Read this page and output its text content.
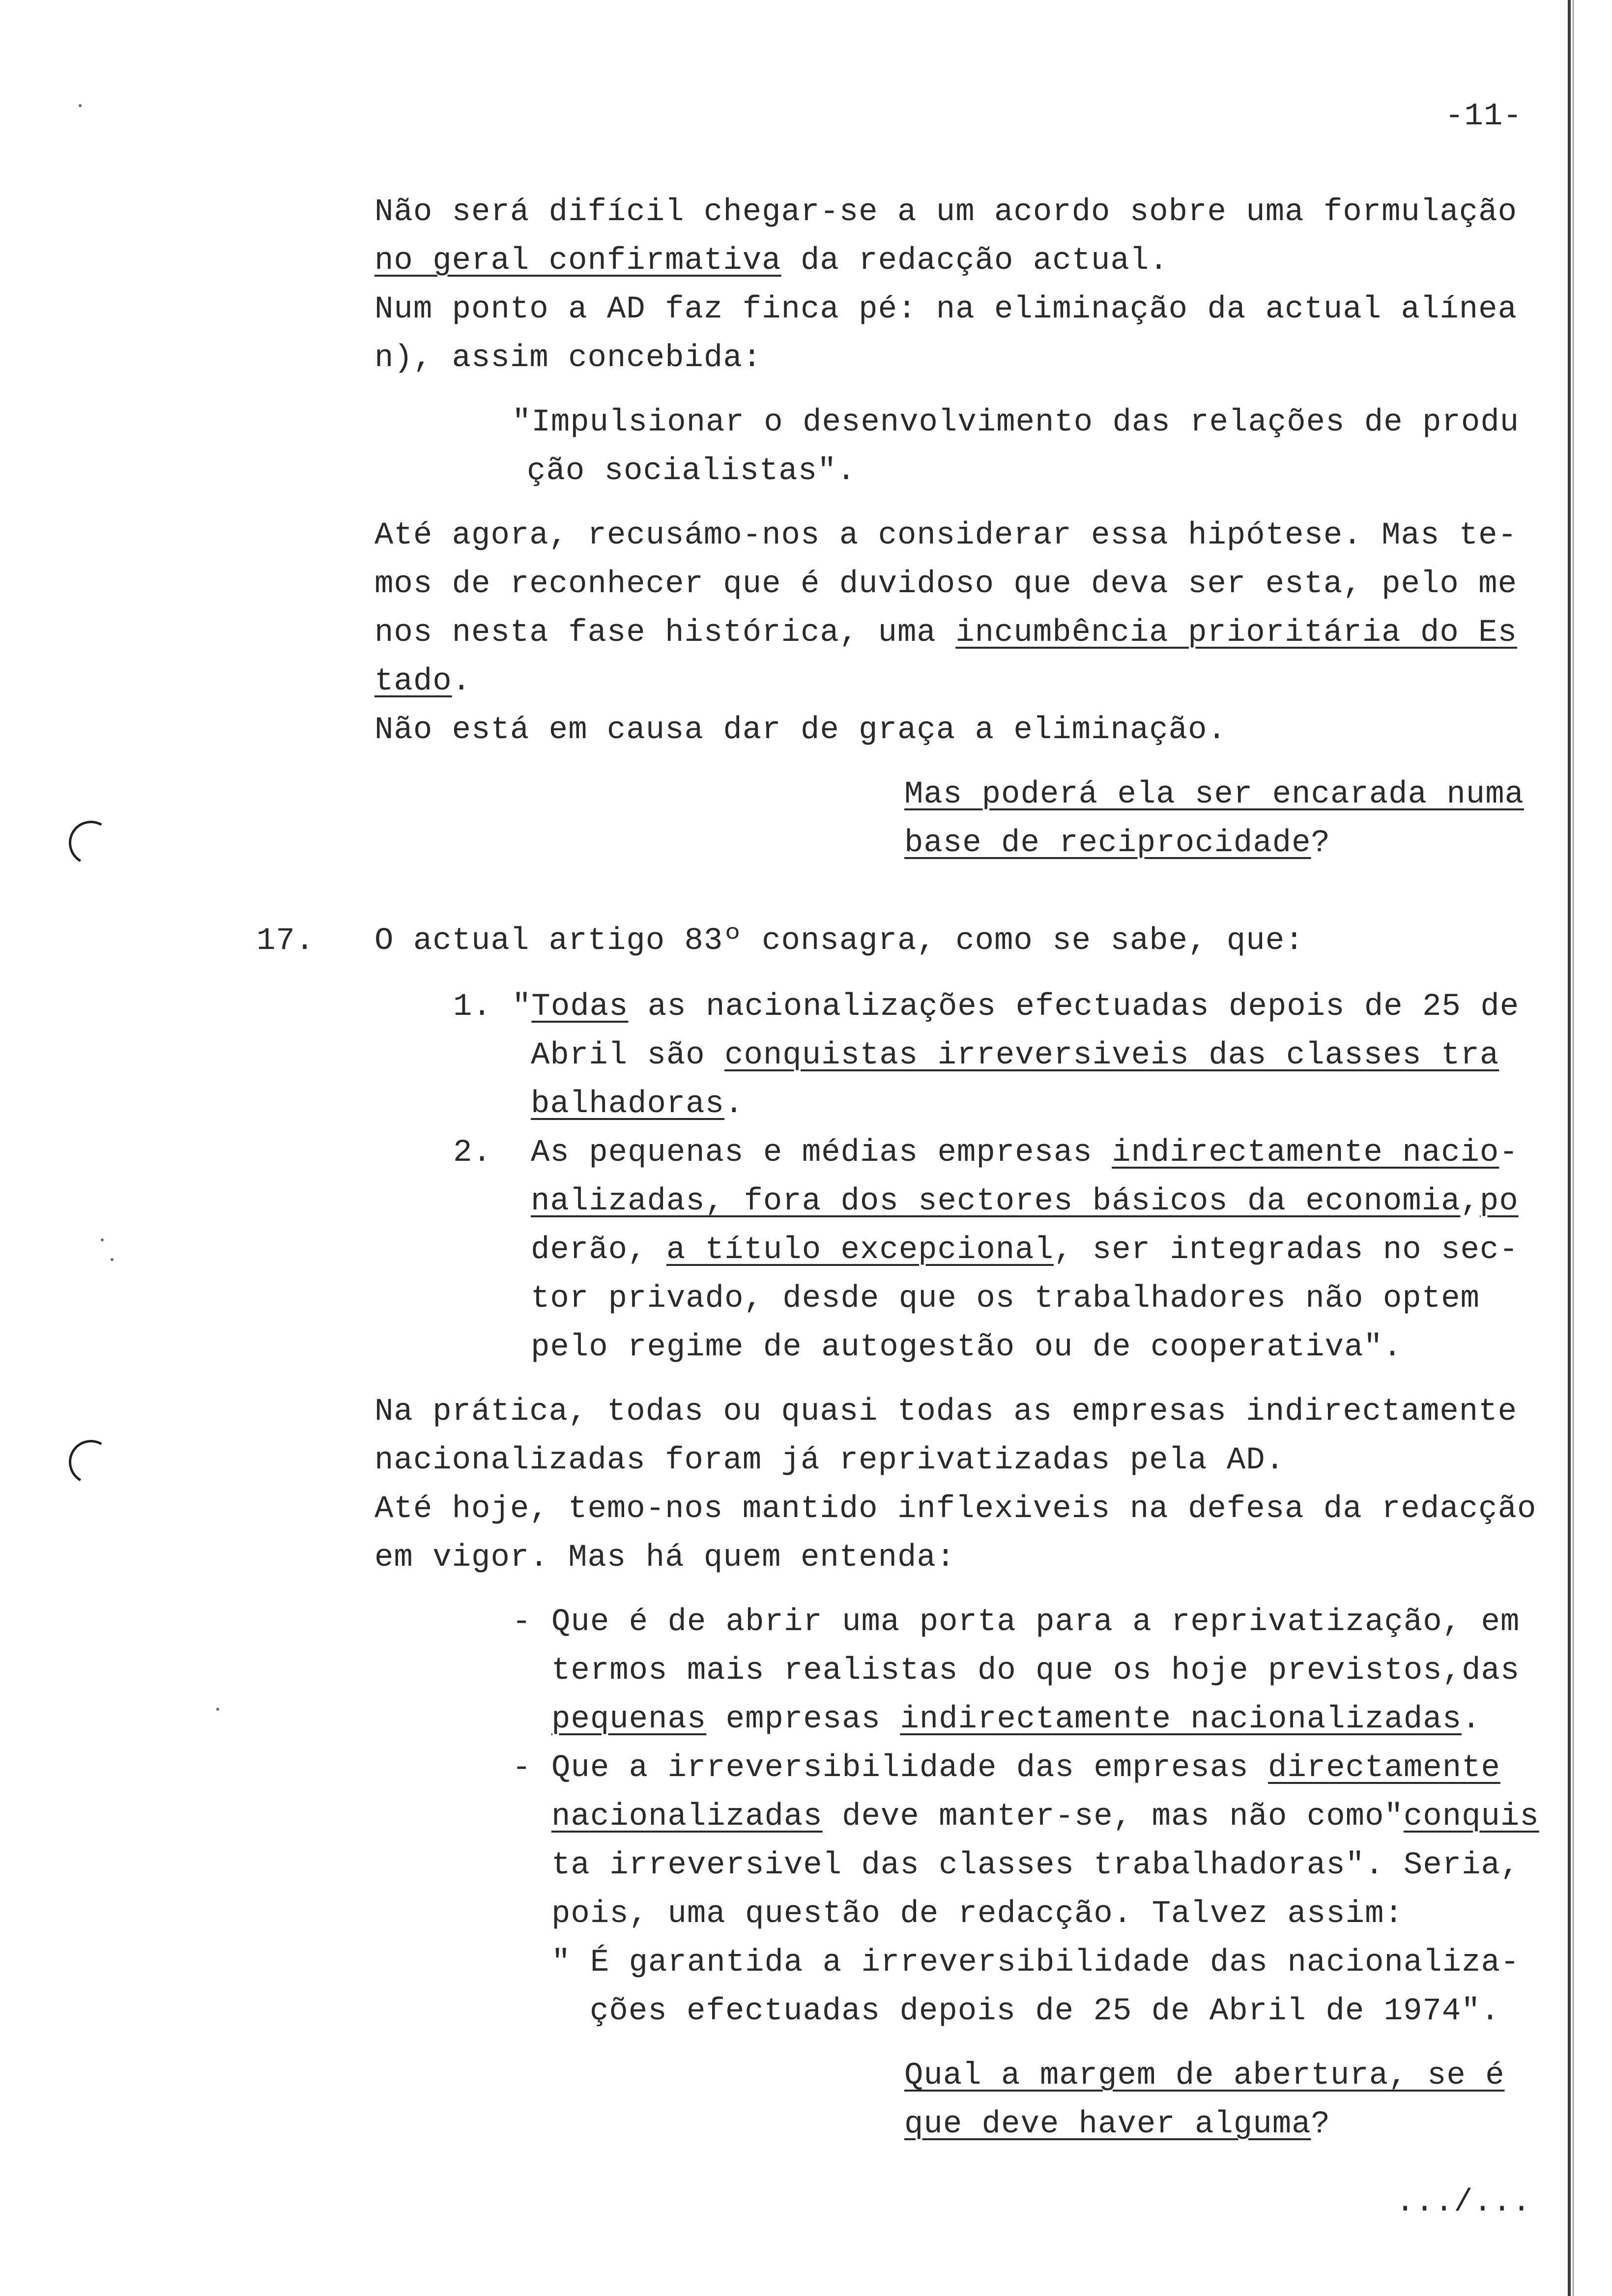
-11-
Não será difícil chegar-se a um acordo sobre uma formulação
no geral confirmativa da redacção actual.
Num ponto a AD faz finca pé: na eliminação da actual alínea
n), assim concebida:
"Impulsionar o desenvolvimento das relações de produ
ção socialistas".
Até agora, recusámo-nos a considerar essa hipótese. Mas te-
mos de reconhecer que é duvidoso que deva ser esta, pelo me
nos nesta fase histórica, uma incumbência prioritária do Es
tado.
Não está em causa dar de graça a eliminação.
Mas poderá ela ser encarada numa
base de reciprocidade?
17. O actual artigo 83º consagra, como se sabe, que:
1. "Todas as nacionalizações efectuadas depois de 25 de
Abril são conquistas irreversiveis das classes tra
balhadoras.
2. As pequenas e médias empresas indirectamente nacio-
nalizadas, fora dos sectores básicos da economia,po
derão, a título excepcional, ser integradas no sec-
tor privado, desde que os trabalhadores não optem
pelo regime de autogestão ou de cooperativa".
Na prática, todas ou quasi todas as empresas indirectamente
nacionalizadas foram já reprivatizadas pela AD.
Até hoje, temo-nos mantido inflexiveis na defesa da redacção
em vigor. Mas há quem entenda:
- Que é de abrir uma porta para a reprivatização, em
termos mais realistas do que os hoje previstos,das
pequenas empresas indirectamente nacionalizadas.
- Que a irreversibilidade das empresas directamente
nacionalizadas deve manter-se, mas não como"conquis
ta irreversivel das classes trabalhadoras". Seria,
pois, uma questão de redacção. Talvez assim:
" É garantida a irreversibilidade das nacionaliza-
ções efectuadas depois de 25 de Abril de 1974".
Qual a margem de abertura, se é
que deve haver alguma?
.../...
